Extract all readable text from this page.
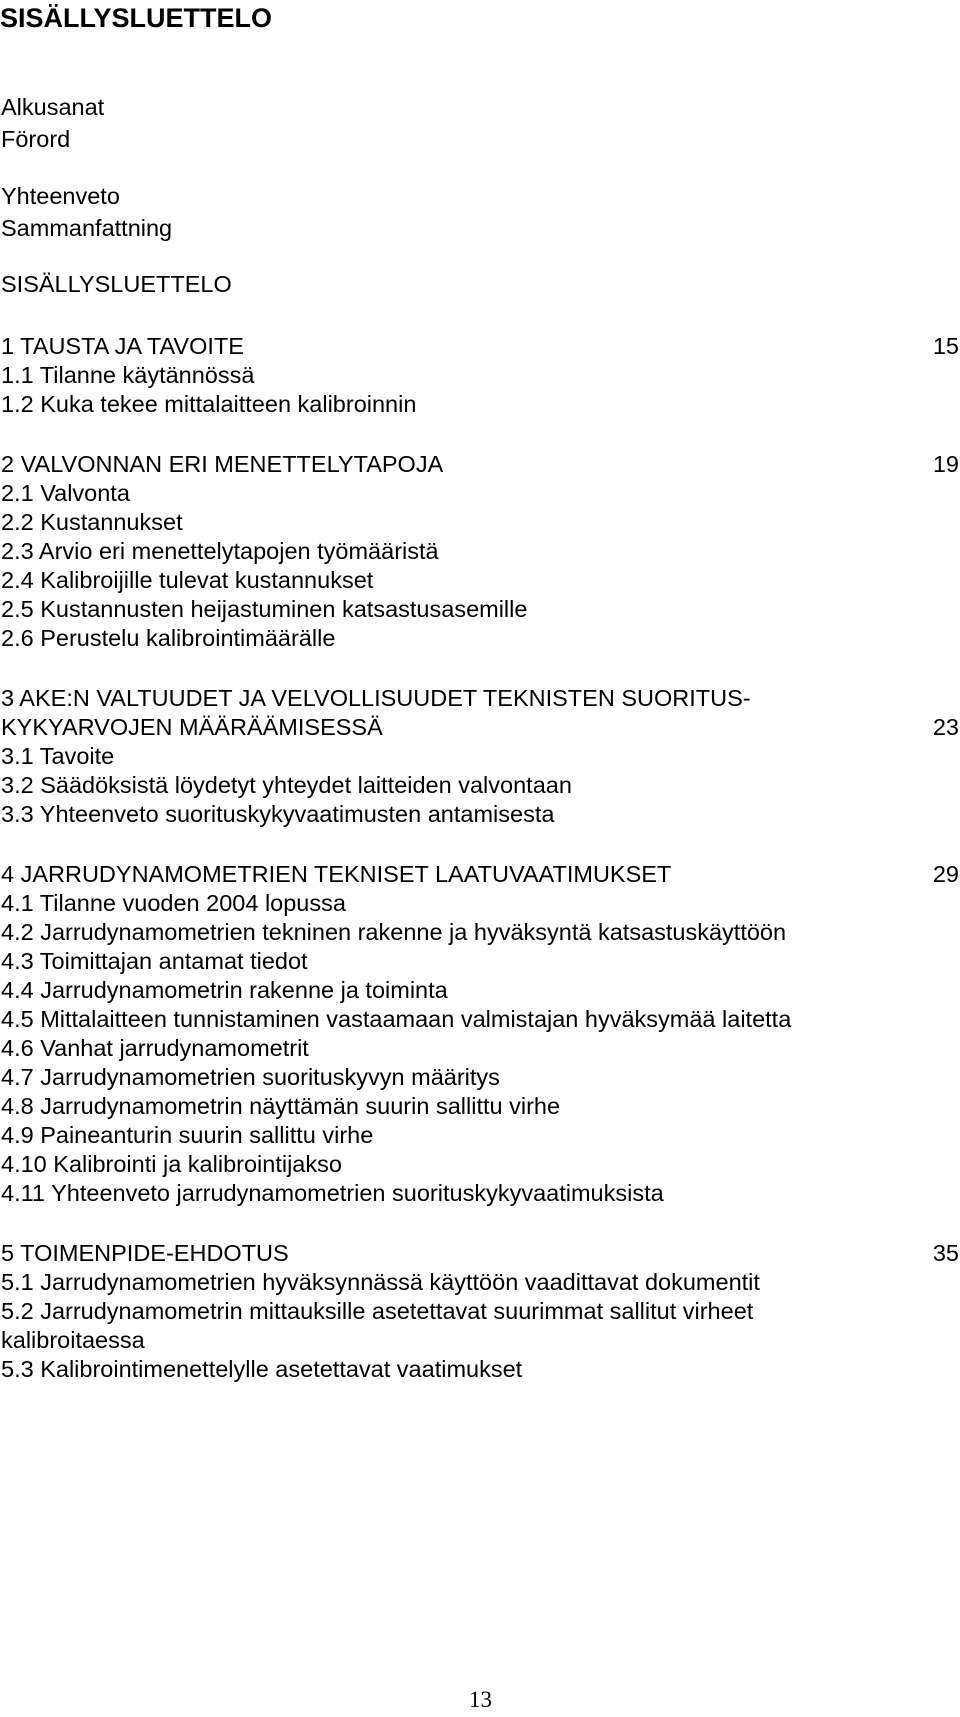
SISÄLLYSLUETTELO
Alkusanat
Förord
Yhteenveto
Sammanfattning
SISÄLLYSLUETTELO
1 TAUSTA JA TAVOITE	15
1.1 Tilanne käytännössä
1.2 Kuka tekee mittalaitteen kalibroinnin
2 VALVONNAN ERI MENETTELYTAPOJA	19
2.1 Valvonta
2.2 Kustannukset
2.3 Arvio eri menettelytapojen työmääristä
2.4 Kalibroijille tulevat kustannukset
2.5 Kustannusten heijastuminen katsastusasemille
2.6 Perustelu kalibrointimäärälle
3 AKE:N VALTUUDET JA VELVOLLISUUDET TEKNISTEN SUORITUS-
KYKYARVOJEN MÄÄRÄÄMISESSÄ	23
3.1 Tavoite
3.2 Säädöksistä löydetyt yhteydet laitteiden valvontaan
3.3 Yhteenveto suorituskykyvaatimusten antamisesta
4 JARRUDYNAMOMETRIEN TEKNISET LAATUVAATIMUKSET	29
4.1 Tilanne vuoden 2004 lopussa
4.2 Jarrudynamometrien tekninen rakenne ja hyväksyntä katsastuskäyttöön
4.3 Toimittajan antamat tiedot
4.4 Jarrudynamometrin rakenne ja toiminta
4.5 Mittalaitteen tunnistaminen vastaamaan valmistajan hyväksymää laitetta
4.6 Vanhat jarrudynamometrit
4.7 Jarrudynamometrien suorituskyvyn määritys
4.8 Jarrudynamometrin näyttämän suurin sallittu virhe
4.9 Paineanturin suurin sallittu virhe
4.10 Kalibrointi ja kalibrointijakso
4.11 Yhteenveto jarrudynamometrien suorituskykyvaatimuksista
5 TOIMENPIDE-EHDOTUS	35
5.1 Jarrudynamometrien hyväksynnässä käyttöön vaadittavat dokumentit
5.2 Jarrudynamometrin mittauksille asetettavat suurimmat sallitut virheet
kalibroitaessa
5.3 Kalibrointimenettelylle asetettavat vaatimukset
13
